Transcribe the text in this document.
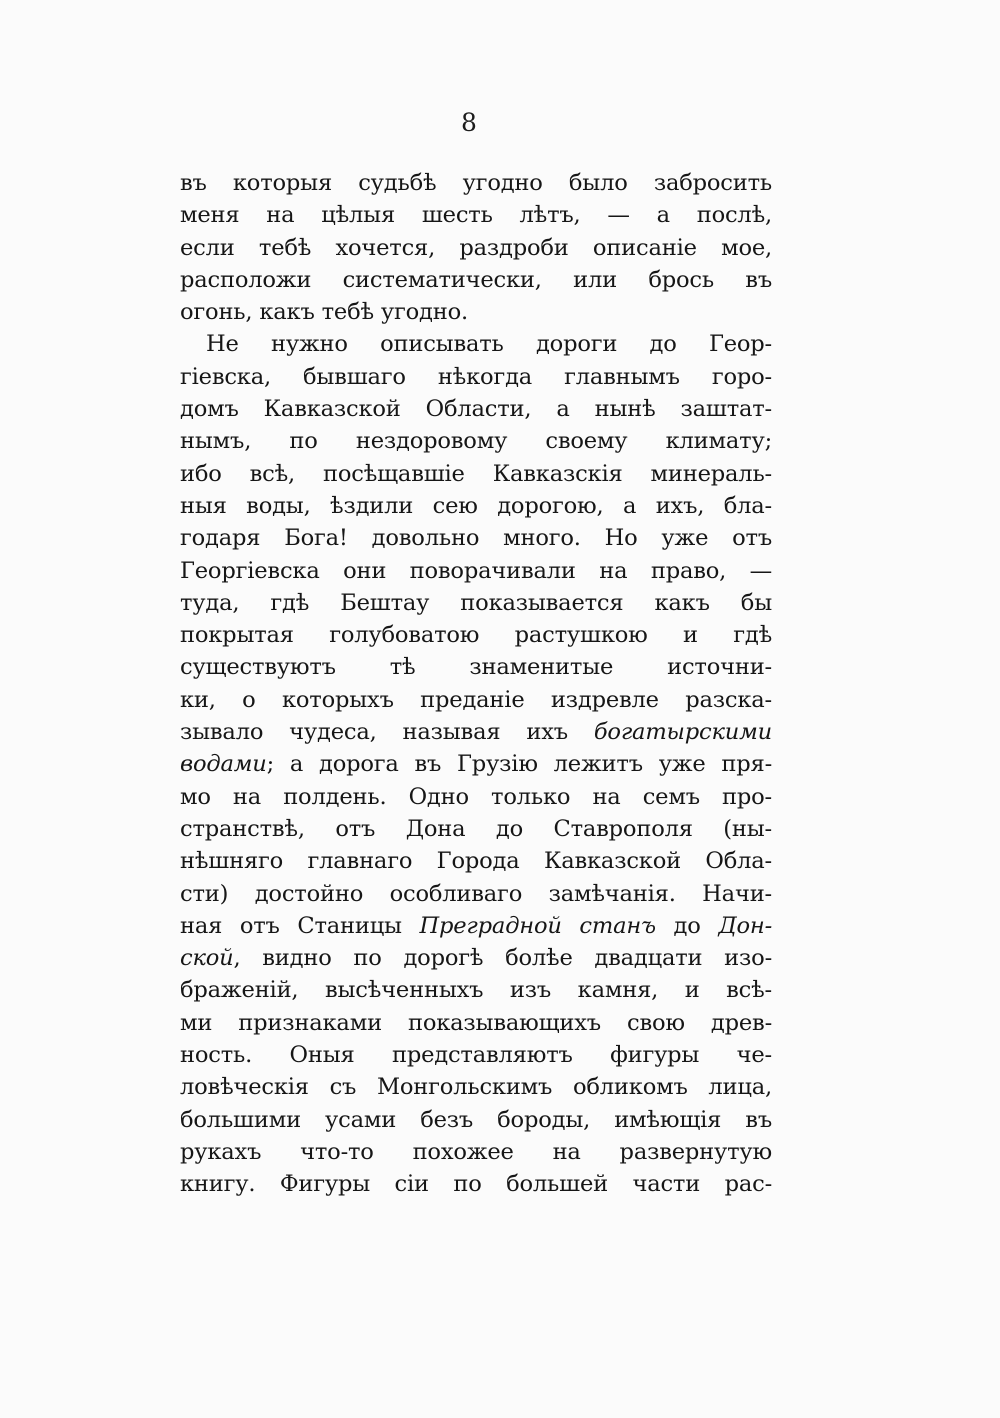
8
въ которыя судьбѣ угодно было забросить
меня на цѣлыя шесть лѣтъ, — а послѣ,
если тебѣ хочется, раздроби описаніе мое,
расположи систематически, или брось въ
огонь, какъ тебѣ угодно.
Не нужно описывать дороги до Геор-
гіевска, бывшаго нѣкогда главнымъ горо-
домъ Кавказской Области, а нынѣ заштат-
нымъ, по нездоровому своему климату;
ибо всѣ, посѣщавшіе Кавказскія минераль-
ныя воды, ѣздили сею дорогою, а ихъ, бла-
годаря Бога! довольно много. Но уже отъ
Георгіевска они поворачивали на право, —
туда, гдѣ Бештау показывается какъ бы
покрытая голубоватою растушкою и гдѣ
существуютъ тѣ знаменитые источни-
ки, о которыхъ преданіе издревле разска-
зывало чудеса, называя ихъ богатырскими
водами; а дорога въ Грузію лежитъ уже пря-
мо на полдень. Одно только на семъ про-
странствѣ, отъ Дона до Ставрополя (ны-
нѣшняго главнаго Города Кавказской Обла-
сти) достойно особливаго замѣчанія. Начи-
ная отъ Станицы Преградной станъ до Дон-
ской, видно по дорогѣ болѣе двадцати изо-
браженій, высѣченныхъ изъ камня, и всѣ-
ми признаками показывающихъ свою древ-
ность. Оныя представляютъ фигуры че-
ловѣческія съ Монгольскимъ обликомъ лица,
большими усами безъ бороды, имѣющія въ
рукахъ что-то похожее на развернутую
книгу. Фигуры сіи по большей части рас-
